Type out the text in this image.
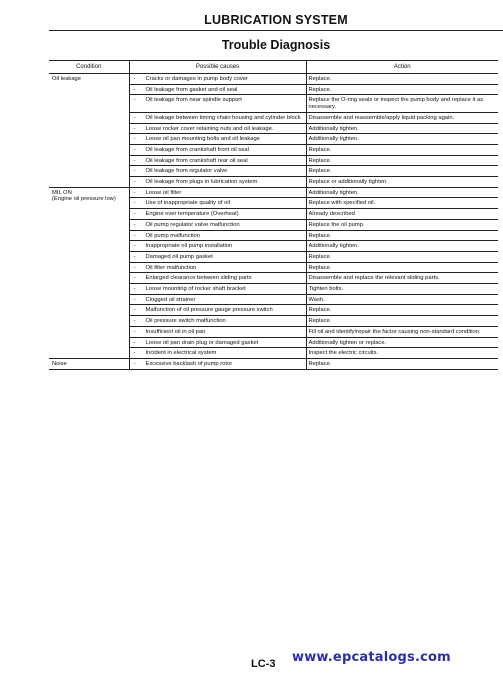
LUBRICATION SYSTEM
Trouble Diagnosis
Condition	Possible causes	Action
Oil leakage	- Cracks or damages in pump body cover	Replace.
	- Oil leakage from gasket and oil seal	Replace.
	- Oil leakage from near spindle support	Replace the O-ring seals or inspect the pump body and replace it as necessary.
	- Oil leakage between timing chain housing and cylinder block	Disassemble and reassemble/apply liquid packing again.
	- Loose rocker cover retaining nuts and oil leakage.	Additionally tighten.
	- Loose oil pan mounting bolts and oil leakage	Additionally tighten.
	- Oil leakage from crankshaft front oil seal	Replace.
	- Oil leakage from crankshaft rear oil seal	Replace.
	- Oil leakage from regulator valve	Replace.
	- Oil leakage from plugs in lubrication system	Replace or additionally tighten.
MIL ON
(Engine oil pressure low)	- Loose oil filter	Additionally tighten.
	- Use of inappropriate quality of oil	Replace with specified oil.
	- Engine over temperature (Overheat)	Already described
	- Oil pump regulator valve malfunction	Replace the oil pump.
	- Oil pump malfunction	Replace.
	- Inappropriate oil pump installation	Additionally tighten.
	- Damaged oil pump gasket	Replace.
	- Oil filter malfunction	Replace.
	- Enlarged clearance between sliding parts	Disassemble and replace the relevant sliding parts.
	- Loose mounting of rocker shaft bracket	Tighten bolts.
	- Clogged oil strainer	Wash.
	- Malfunction of oil pressure gauge pressure switch	Replace.
	- Oil pressure switch malfunction	Replace.
	- Insufficient oil in oil pan	Fill oil and identify/repair the factor causing non-standard condition.
	- Loose oil pan drain plug or damaged gasket	Additionally tighten or replace.
	- Incident in electrical system	Inspect the electric circuits.
Noise	- Excessive backlash of pump rotor	Replace.
LC-3 www.epcatalogs.com
